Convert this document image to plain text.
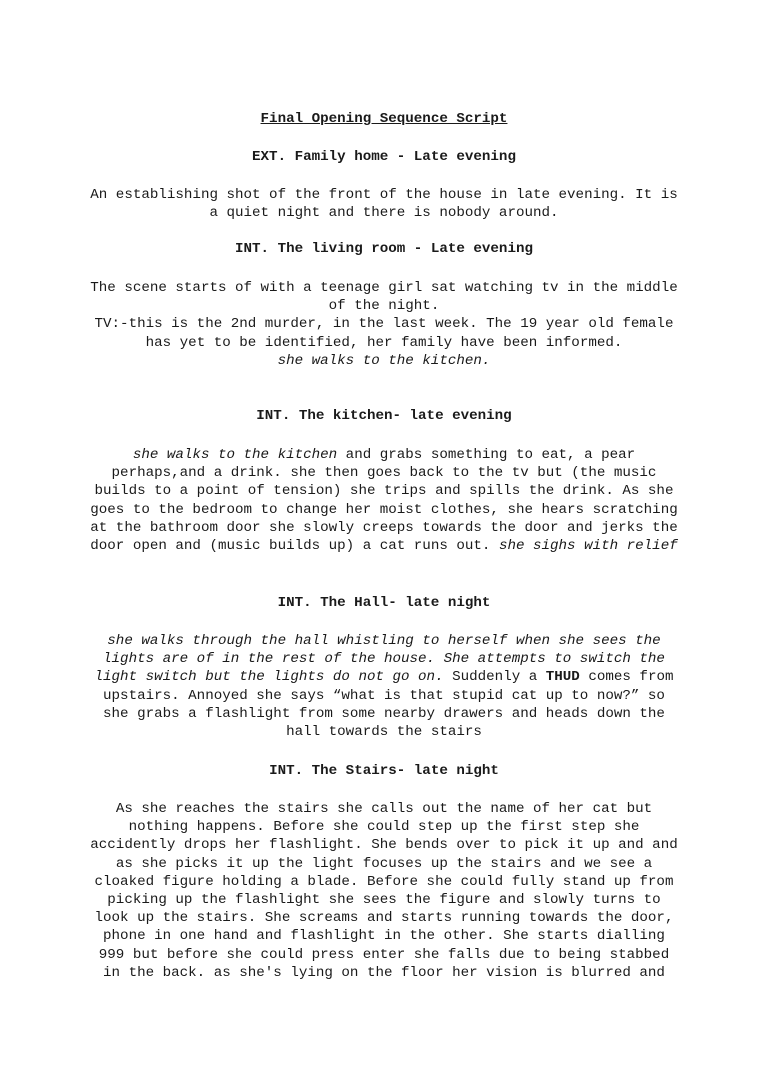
Final Opening Sequence Script

EXT. Family home - Late evening

An establishing shot of the front of the house in late evening. It is a quiet night and there is nobody around.

INT. The living room - Late evening

The scene starts of with a teenage girl sat watching tv in the middle of the night.

TV:-this is the 2nd murder, in the last week. The 19 year old female has yet to be identified, her family have been informed.

she walks to the kitchen.

INT. The kitchen- late evening

she walks to the kitchen and grabs something to eat, a pear perhaps,and a drink. she then goes back to the tv but (the music builds to a point of tension) she trips and spills the drink. As she goes to the bedroom to change her moist clothes, she hears scratching at the bathroom door she slowly creeps towards the door and jerks the door open and (music builds up) a cat runs out. she sighs with relief

INT. The Hall- late night

she walks through the hall whistling to herself when she sees the lights are of in the rest of the house. She attempts to switch the light switch but the lights do not go on. Suddenly a THUD comes from upstairs. Annoyed she says “what is that stupid cat up to now?” so she grabs a flashlight from some nearby drawers and heads down the hall towards the stairs

INT. The Stairs- late night

As she reaches the stairs she calls out the name of her cat but nothing happens. Before she could step up the first step she accidently drops her flashlight. She bends over to pick it up and and as she picks it up the light focuses up the stairs and we see a cloaked figure holding a blade. Before she could fully stand up from picking up the flashlight she sees the figure and slowly turns to look up the stairs. She screams and starts running towards the door, phone in one hand and flashlight in the other. She starts dialling 999 but before she could press enter she falls due to being stabbed in the back. as she's lying on the floor her vision is blurred and
